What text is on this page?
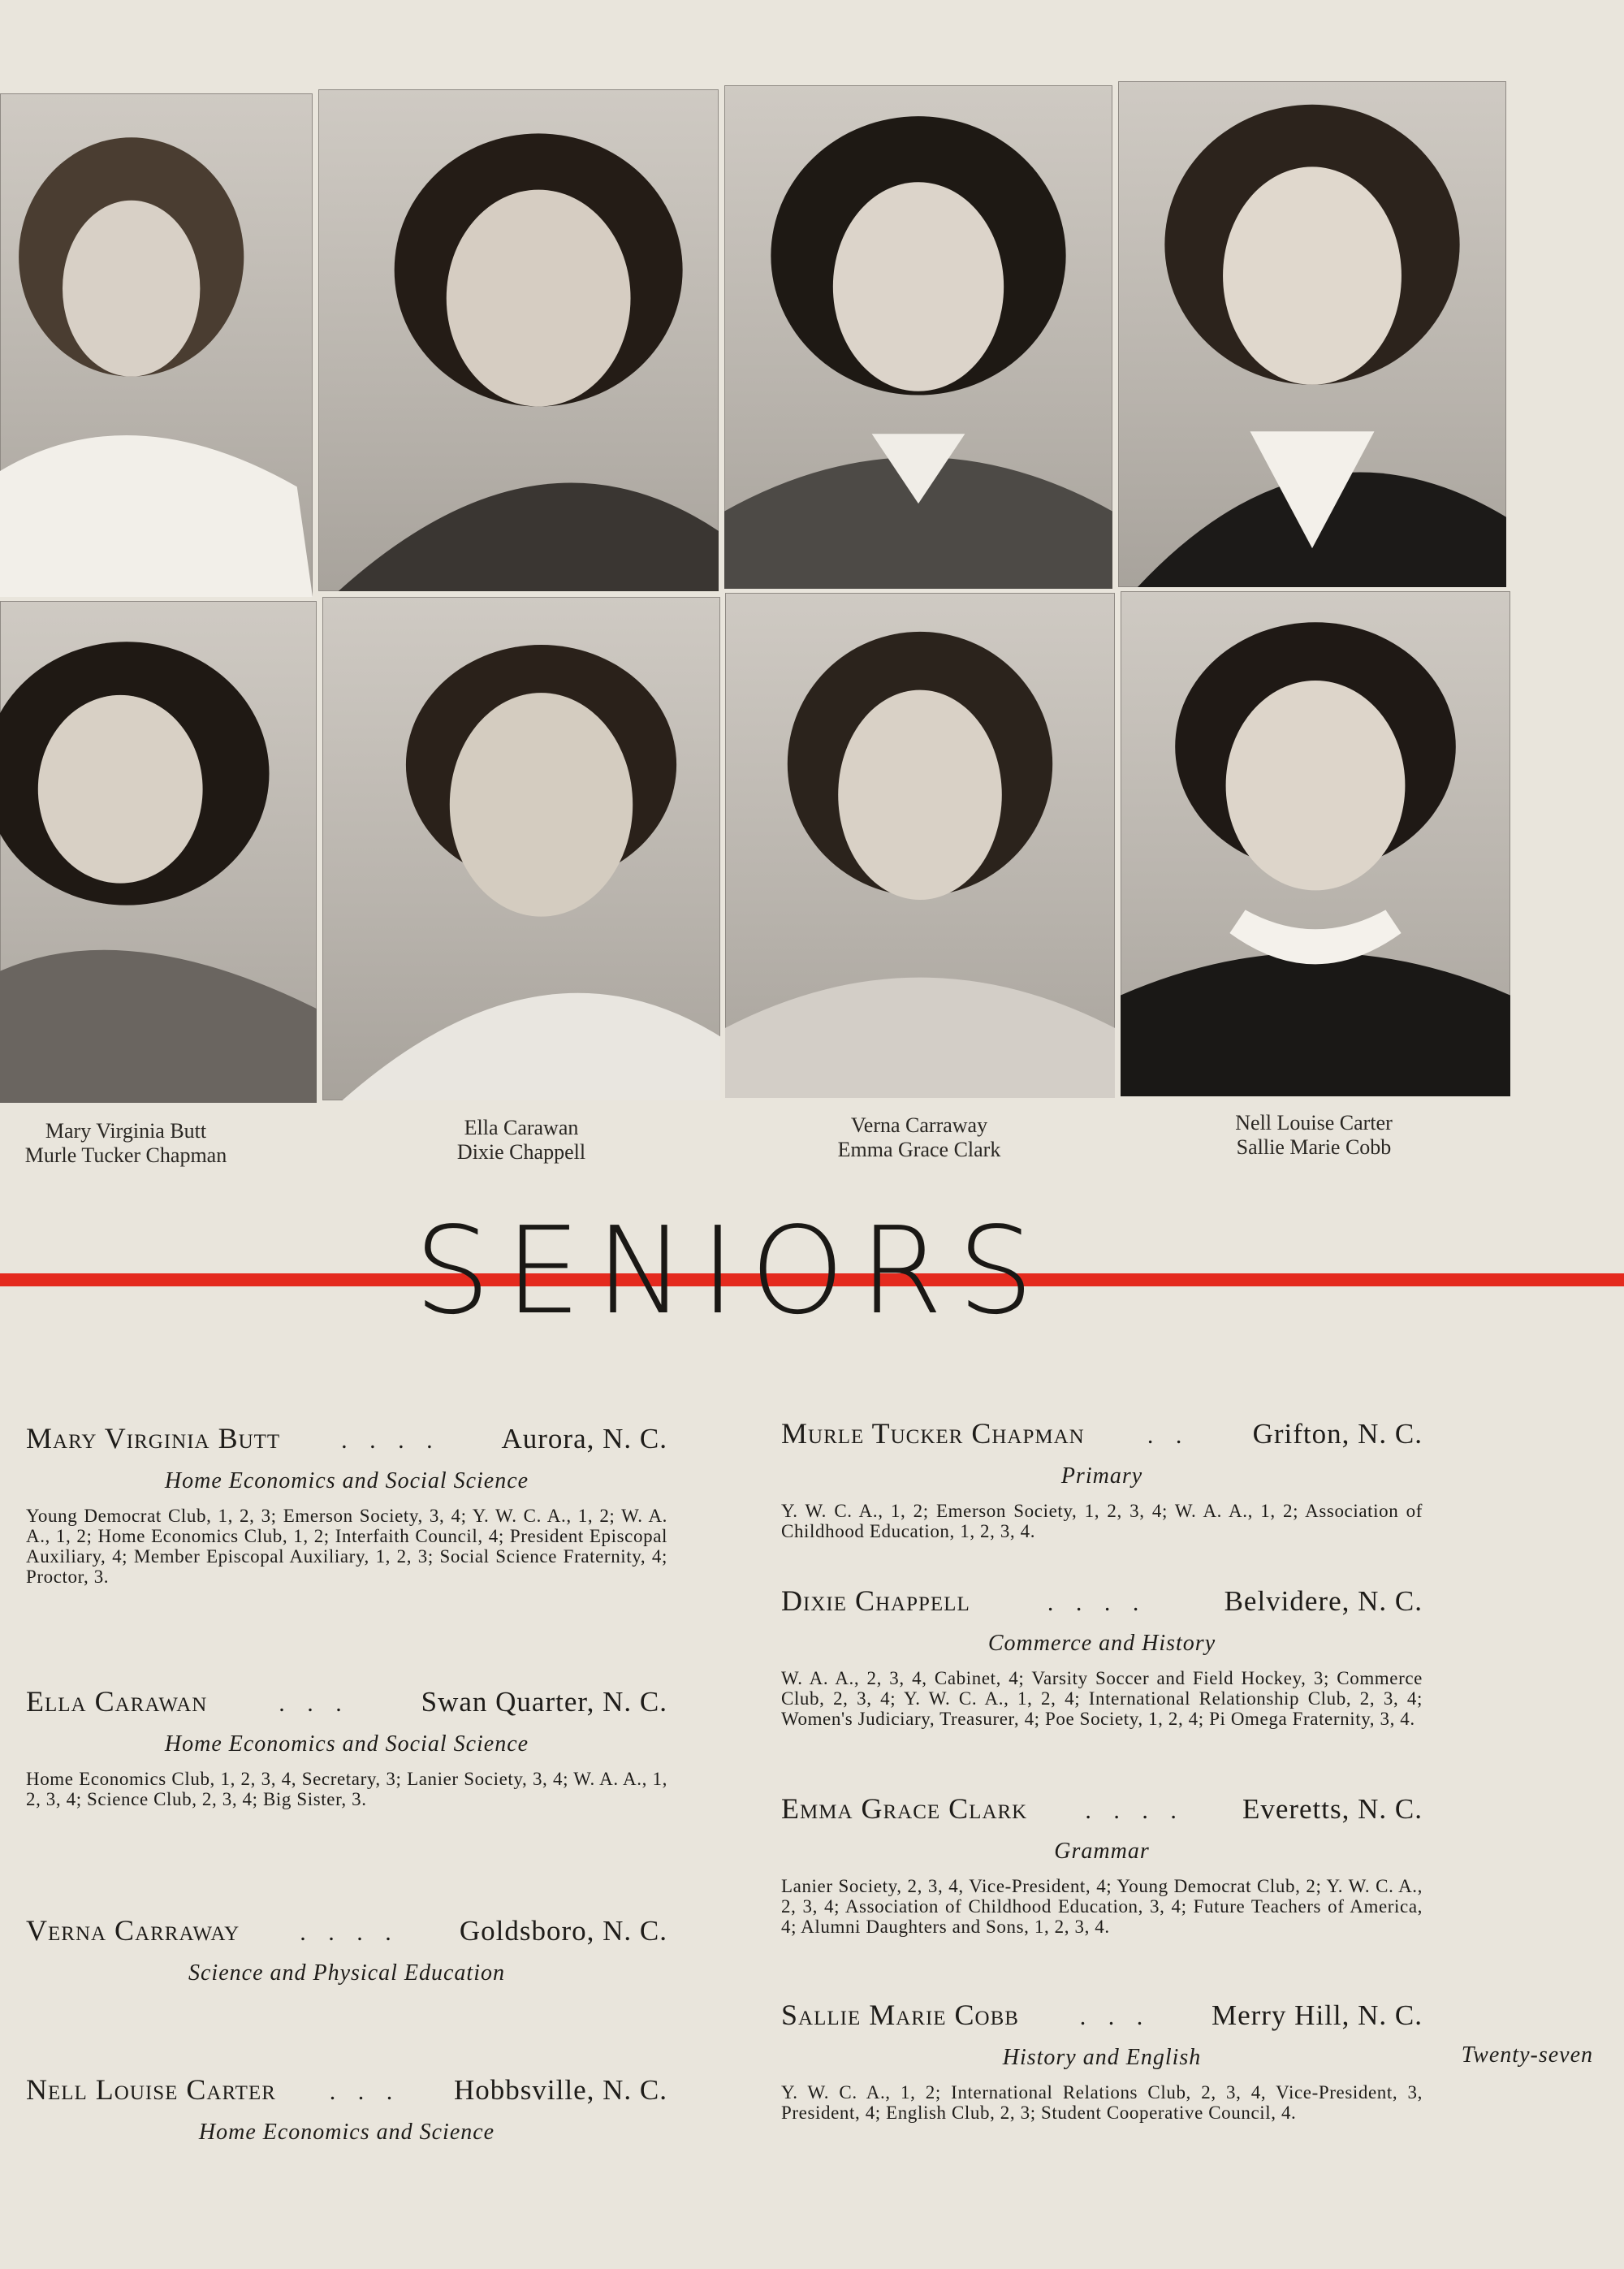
Mary Virginia Butt
Murle Tucker Chapman
Ella Carawan
Dixie Chappell
Verna Carraway
Emma Grace Clark
Nell Louise Carter
Sallie Marie Cobb
SENIORS
Mary Virginia Butt	. . . .	Aurora, N. C.
Home Economics and Social Science
Young Democrat Club, 1, 2, 3; Emerson Society, 3, 4; Y. W. C. A., 1, 2; W. A. A., 1, 2; Home Economics Club, 1, 2; Interfaith Council, 4; President Episcopal Auxiliary, 4; Member Episcopal Auxiliary, 1, 2, 3; Social Science Fraternity, 4; Proctor, 3.
Ella Carawan	. . .	Swan Quarter, N. C.
Home Economics and Social Science
Home Economics Club, 1, 2, 3, 4, Secretary, 3; Lanier Society, 3, 4; W. A. A., 1, 2, 3, 4; Science Club, 2, 3, 4; Big Sister, 3.
Verna Carraway	. . . .	Goldsboro, N. C.
Science and Physical Education
Nell Louise Carter	. . .	Hobbsville, N. C.
Home Economics and Science
Murle Tucker Chapman	. .	Grifton, N. C.
Primary
Y. W. C. A., 1, 2; Emerson Society, 1, 2, 3, 4; W. A. A., 1, 2; Association of Childhood Education, 1, 2, 3, 4.
Dixie Chappell	. . . .	Belvidere, N. C.
Commerce and History
W. A. A., 2, 3, 4, Cabinet, 4; Varsity Soccer and Field Hockey, 3; Commerce Club, 2, 3, 4; Y. W. C. A., 1, 2, 4; International Relationship Club, 2, 3, 4; Women's Judiciary, Treasurer, 4; Poe Society, 1, 2, 4; Pi Omega Fraternity, 3, 4.
Emma Grace Clark	. . . .	Everetts, N. C.
Grammar
Lanier Society, 2, 3, 4, Vice-President, 4; Young Democrat Club, 2; Y. W. C. A., 2, 3, 4; Association of Childhood Education, 3, 4; Future Teachers of America, 4; Alumni Daughters and Sons, 1, 2, 3, 4.
Sallie Marie Cobb	. . .	Merry Hill, N. C.
History and English
Y. W. C. A., 1, 2; International Relations Club, 2, 3, 4, Vice-President, 3, President, 4; English Club, 2, 3; Student Cooperative Council, 4.
Twenty-seven
